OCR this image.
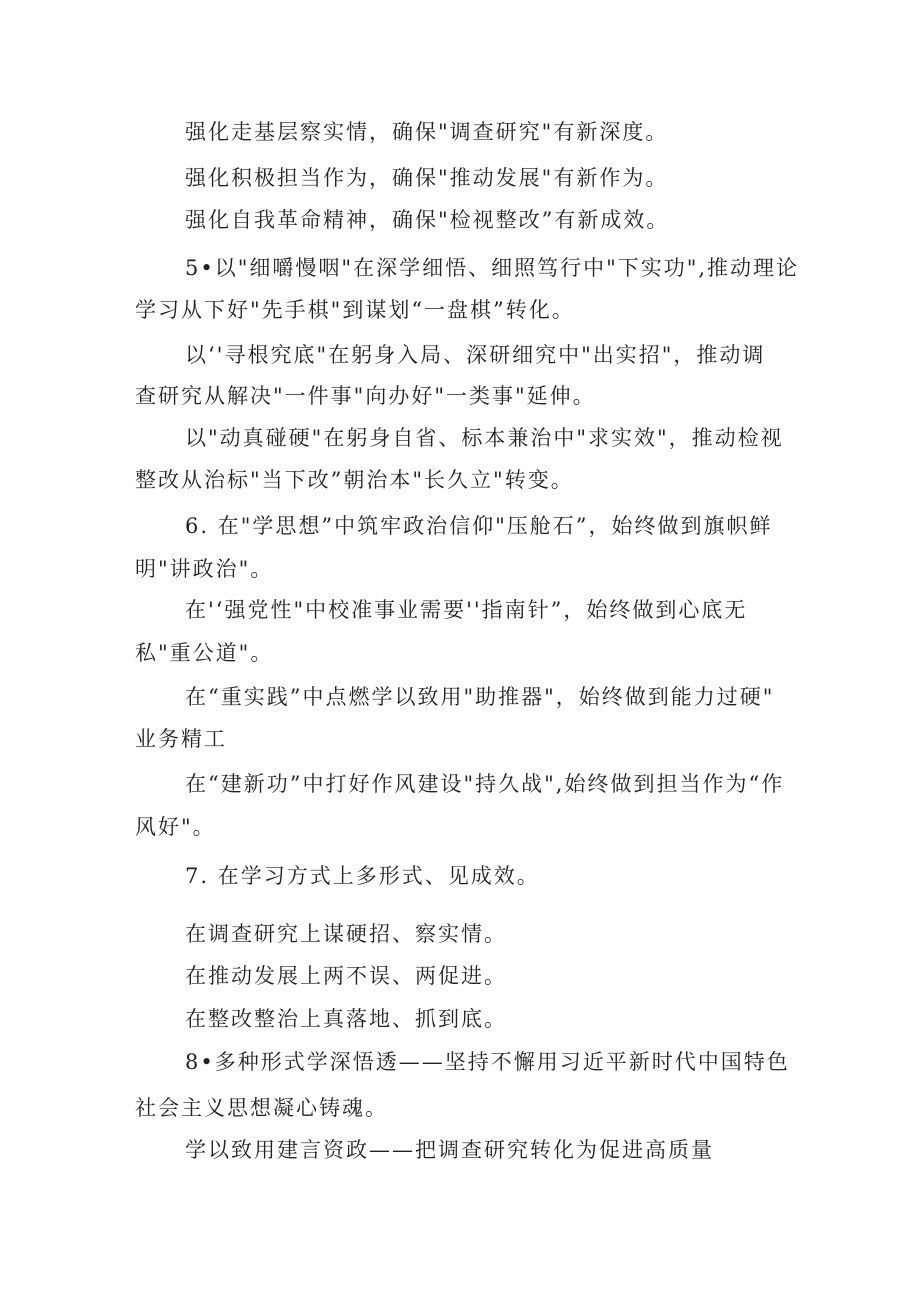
强化走基层察实情，确保"调查研究"有新深度。
强化积极担当作为，确保"推动发展"有新作为。
强化自我革命精神，确保"检视整改”有新成效。
5•以"细嚼慢咽"在深学细悟、细照笃行中"下实功",推动理论
学习从下好"先手棋"到谋划“一盘棋”转化。
以‘'寻根究底"在躬身入局、深研细究中"出实招"，推动调
查研究从解决"一件事"向办好"一类事"延伸。
以"动真碰硬"在躬身自省、标本兼治中"求实效"，推动检视
整改从治标"当下改”朝治本"长久立"转变。
6. 在"学思想”中筑牢政治信仰"压舱石”，始终做到旗帜鲜
明"讲政治"。
在'‘强党性"中校准事业需要''指南针”，始终做到心底无
私"重公道"。
在“重实践”中点燃学以致用"助推器"，始终做到能力过硬"
业务精工
在“建新功”中打好作风建设"持久战",始终做到担当作为“作
风好"。
7. 在学习方式上多形式、见成效。
在调查研究上谋硬招、察实情。
在推动发展上两不误、两促进。
在整改整治上真落地、抓到底。
8•多种形式学深悟透——坚持不懈用习近平新时代中国特色
社会主义思想凝心铸魂。
学以致用建言资政——把调查研究转化为促进高质量
